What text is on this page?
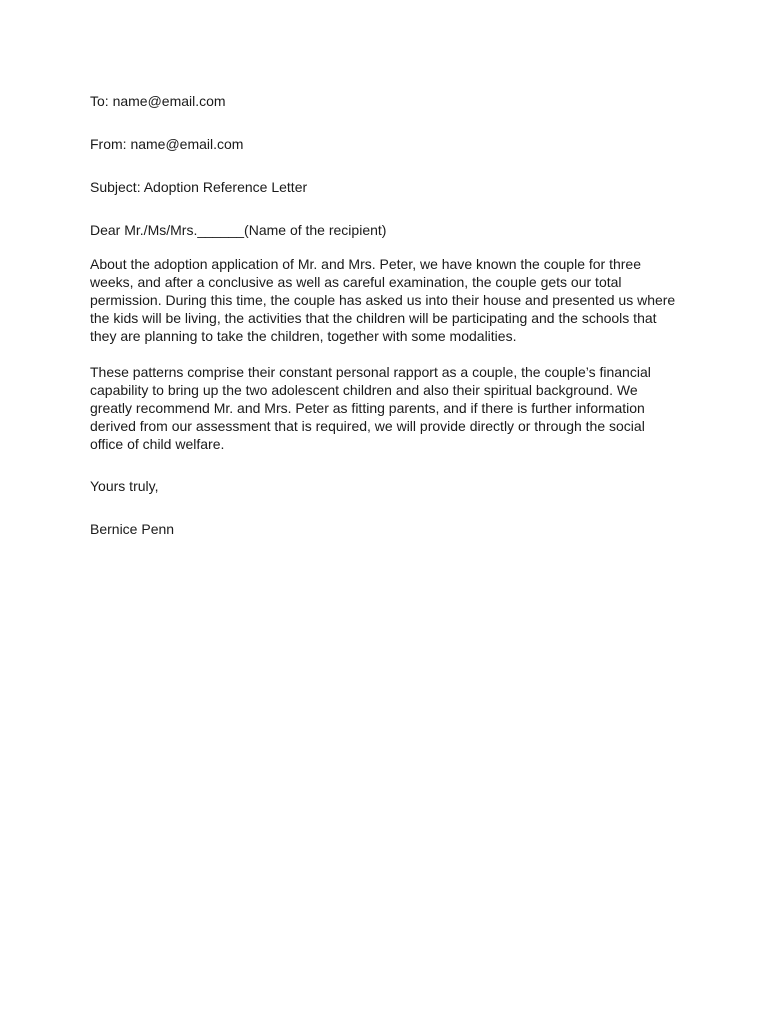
To: name@email.com

From: name@email.com

Subject: Adoption Reference Letter

Dear Mr./Ms/Mrs.______(Name of the recipient)

About the adoption application of Mr. and Mrs. Peter, we have known the couple for three weeks, and after a conclusive as well as careful examination, the couple gets our total permission. During this time, the couple has asked us into their house and presented us where the kids will be living, the activities that the children will be participating and the schools that they are planning to take the children, together with some modalities.

These patterns comprise their constant personal rapport as a couple, the couple’s financial capability to bring up the two adolescent children and also their spiritual background. We greatly recommend Mr. and Mrs. Peter as fitting parents, and if there is further information derived from our assessment that is required, we will provide directly or through the social office of child welfare.

Yours truly,

Bernice Penn
